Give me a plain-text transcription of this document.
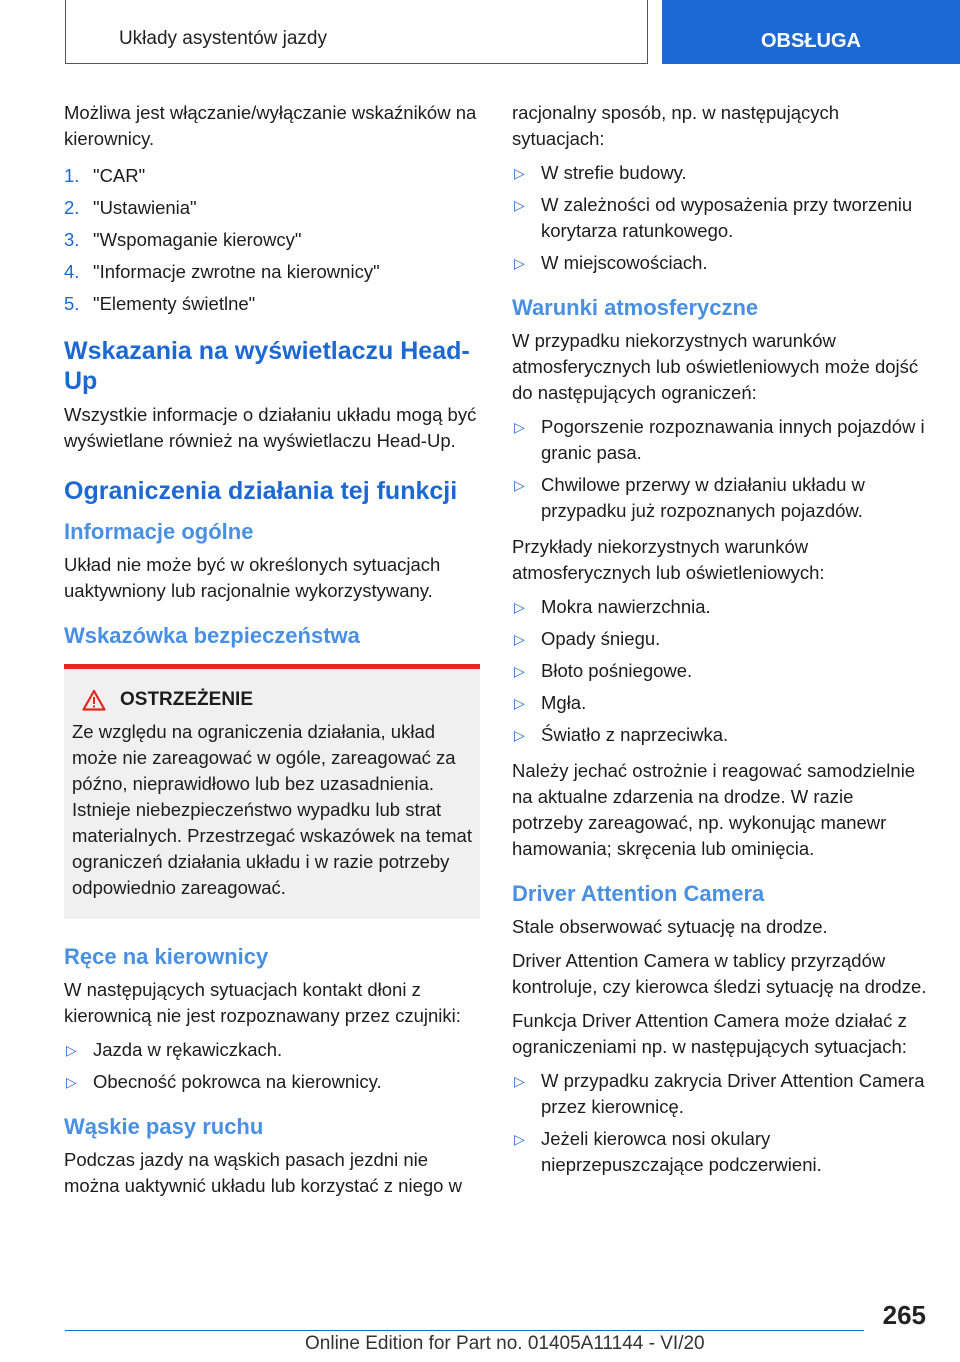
Układy asystentów jazdy	OBSŁUGA

Możliwa jest włączanie/wyłączanie wskaźników na kierownicy.

1. "CAR"
2. "Ustawienia"
3. "Wspomaganie kierowcy"
4. "Informacje zwrotne na kierownicy"
5. "Elementy świetlne"
Wskazania na wyświetlaczu Head-Up

Wszystkie informacje o działaniu układu mogą być wyświetlane również na wyświetlaczu Head-Up.

Ograniczenia działania tej funkcji
Informacje ogólne

Układ nie może być w określonych sytuacjach uaktywniony lub racjonalnie wykorzystywany.

Wskazówka bezpieczeństwa
OSTRZEŻENIE

Ze względu na ograniczenia działania, układ może nie zareagować w ogóle, zareagować za późno, nieprawidłowo lub bez uzasadnienia. Istnieje niebezpieczeństwo wypadku lub strat materialnych. Przestrzegać wskazówek na temat ograniczeń działania układu i w razie potrzeby odpowiednio zareagować.

Ręce na kierownicy

W następujących sytuacjach kontakt dłoni z kierownicą nie jest rozpoznawany przez czujniki:

▷ Jazda w rękawiczkach.
▷ Obecność pokrowca na kierownicy.
Wąskie pasy ruchu

Podczas jazdy na wąskich pasach jezdni nie można uaktywnić układu lub korzystać z niego w

racjonalny sposób, np. w następujących sytuacjach:

▷ W strefie budowy.
▷ W zależności od wyposażenia przy tworzeniu korytarza ratunkowego.
▷ W miejscowościach.
Warunki atmosferyczne

W przypadku niekorzystnych warunków atmosferycznych lub oświetleniowych może dojść do następujących ograniczeń:

▷ Pogorszenie rozpoznawania innych pojazdów i granic pasa.
▷ Chwilowe przerwy w działaniu układu w przypadku już rozpoznanych pojazdów.

Przykłady niekorzystnych warunków atmosferycznych lub oświetleniowych:

▷ Mokra nawierzchnia.
▷ Opady śniegu.
▷ Błoto pośniegowe.
▷ Mgła.
▷ Światło z naprzeciwka.

Należy jechać ostrożnie i reagować samodzielnie na aktualne zdarzenia na drodze. W razie potrzeby zareagować, np. wykonując manewr hamowania; skręcenia lub ominięcia.

Driver Attention Camera

Stale obserwować sytuację na drodze.

Driver Attention Camera w tablicy przyrządów kontroluje, czy kierowca śledzi sytuację na drodze.

Funkcja Driver Attention Camera może działać z ograniczeniami np. w następujących sytuacjach:

▷ W przypadku zakrycia Driver Attention Camera przez kierownicę.
▷ Jeżeli kierowca nosi okulary nieprzepuszczające podczerwieni.
265
Online Edition for Part no. 01405A11144 - VI/20
